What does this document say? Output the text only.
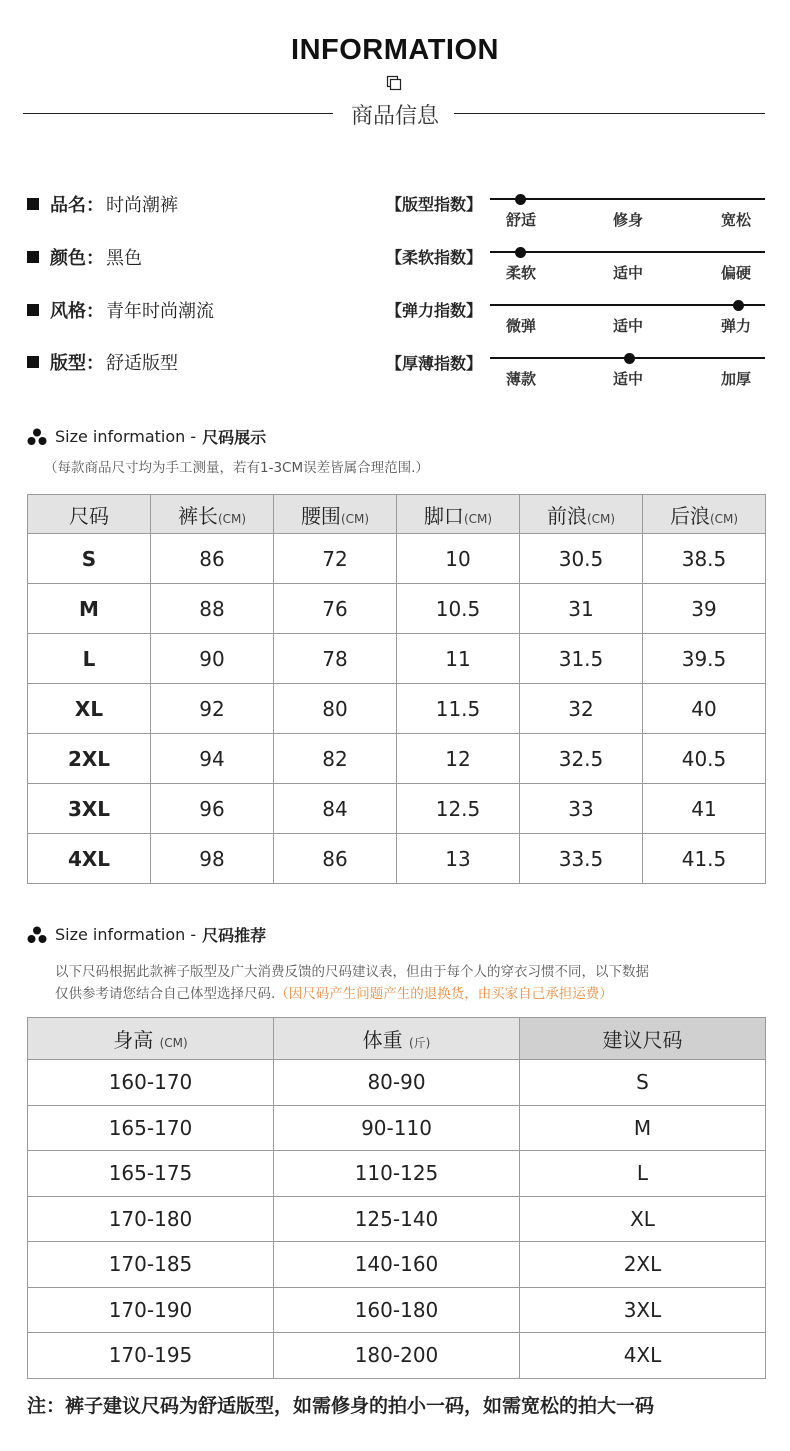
INFORMATION
商品信息
品名： 时尚潮裤
颜色： 黑色
风格： 青年时尚潮流
版型： 舒适版型
【版型指数】
舒适	修身	宽松
【柔软指数】
柔软	适中	偏硬
【弹力指数】
微弹	适中	弹力
【厚薄指数】
薄款	适中	加厚
Size information - 尺码展示
（每款商品尺寸均为手工测量，若有1-3CM误差皆属合理范围.）
尺码	裤长(CM)	腰围(CM)	脚口(CM)	前浪(CM)	后浪(CM)
S	86	72	10	30.5	38.5
M	88	76	10.5	31	39
L	90	78	11	31.5	39.5
XL	92	80	11.5	32	40
2XL	94	82	12	32.5	40.5
3XL	96	84	12.5	33	41
4XL	98	86	13	33.5	41.5
Size information - 尺码推荐
以下尺码根据此款裤子版型及广大消费反馈的尺码建议表，但由于每个人的穿衣习惯不同，以下数据
仅供参考请您结合自己体型选择尺码.（因尺码产生问题产生的退换货，由买家自己承担运费）
身高 (CM)	体重 (斤)	建议尺码
160-170	80-90	S
165-170	90-110	M
165-175	110-125	L
170-180	125-140	XL
170-185	140-160	2XL
170-190	160-180	3XL
170-195	180-200	4XL
注：裤子建议尺码为舒适版型，如需修身的拍小一码，如需宽松的拍大一码
